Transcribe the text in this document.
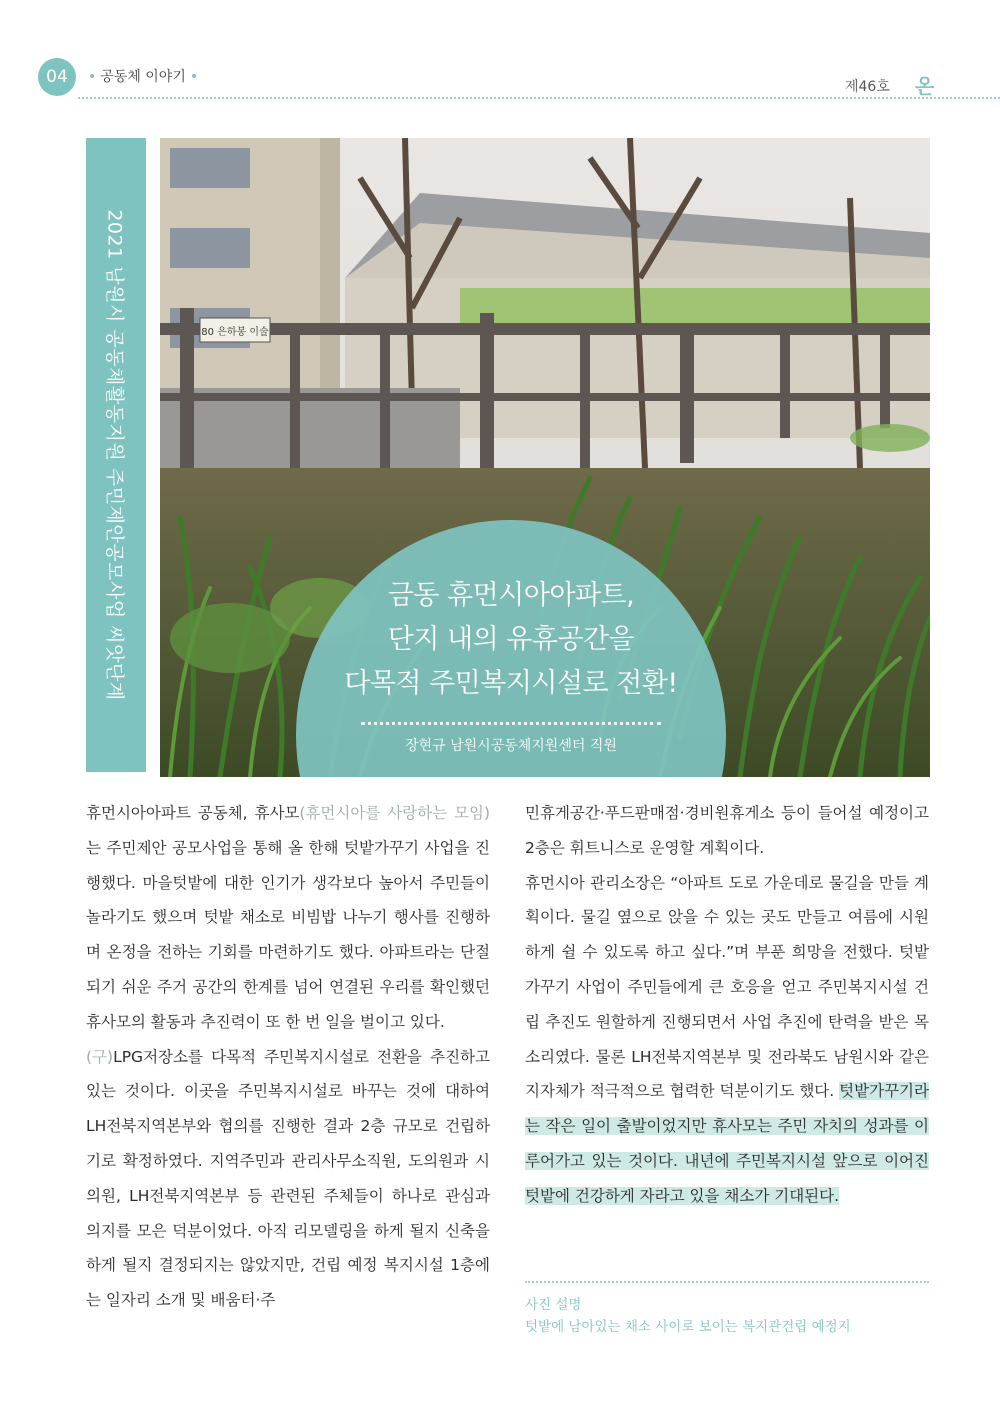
04	• 공동체 이야기 •
제46호 온
2021 남원시 공동체활동지원 주민제안공모사업 씨앗단계	80 은하봉 이술
금동 휴먼시아아파트,
단지 내의 유휴공간을
다목적 주민복지시설로 전환!
장현규 남원시공동체지원센터 직원

휴먼시아아파트 공동체, 휴사모(휴먼시아를 사랑하는 모임)는 주민제안 공모사업을 통해 올 한해 텃밭가꾸기 사업을 진행했다. 마을텃밭에 대한 인기가 생각보다 높아서 주민들이 놀라기도 했으며 텃밭 채소로 비빔밥 나누기 행사를 진행하며 온정을 전하는 기회를 마련하기도 했다. 아파트라는 단절되기 쉬운 주거 공간의 한계를 넘어 연결된 우리를 확인했던 휴사모의 활동과 추진력이 또 한 번 일을 벌이고 있다.

(구)LPG저장소를 다목적 주민복지시설로 전환을 추진하고 있는 것이다. 이곳을 주민복지시설로 바꾸는 것에 대하여 LH전북지역본부와 협의를 진행한 결과 2층 규모로 건립하기로 확정하였다. 지역주민과 관리사무소직원, 도의원과 시의원, LH전북지역본부 등 관련된 주체들이 하나로 관심과 의지를 모은 덕분이었다. 아직 리모델링을 하게 될지 신축을 하게 될지 결정되지는 않았지만, 건립 예정 복지시설 1층에는 일자리 소개 및 배움터·주

민휴게공간·푸드판매점·경비원휴게소 등이 들어설 예정이고 2층은 휘트니스로 운영할 계획이다.

휴먼시아 관리소장은 “아파트 도로 가운데로 물길을 만들 계획이다. 물길 옆으로 앉을 수 있는 곳도 만들고 여름에 시원하게 쉴 수 있도록 하고 싶다.”며 부푼 희망을 전했다. 텃밭가꾸기 사업이 주민들에게 큰 호응을 얻고 주민복지시설 건립 추진도 원할하게 진행되면서 사업 추진에 탄력을 받은 목소리였다. 물론 LH전북지역본부 및 전라북도 남원시와 같은 지자체가 적극적으로 협력한 덕분이기도 했다. 텃밭가꾸기라는 작은 일이 출발이었지만 휴사모는 주민 자치의 성과를 이루어가고 있는 것이다. 내년에 주민복지시설 앞으로 이어진 텃밭에 건강하게 자라고 있을 채소가 기대된다.

사진 설명
텃밭에 남아있는 채소 사이로 보이는 복지관건립 예정지
